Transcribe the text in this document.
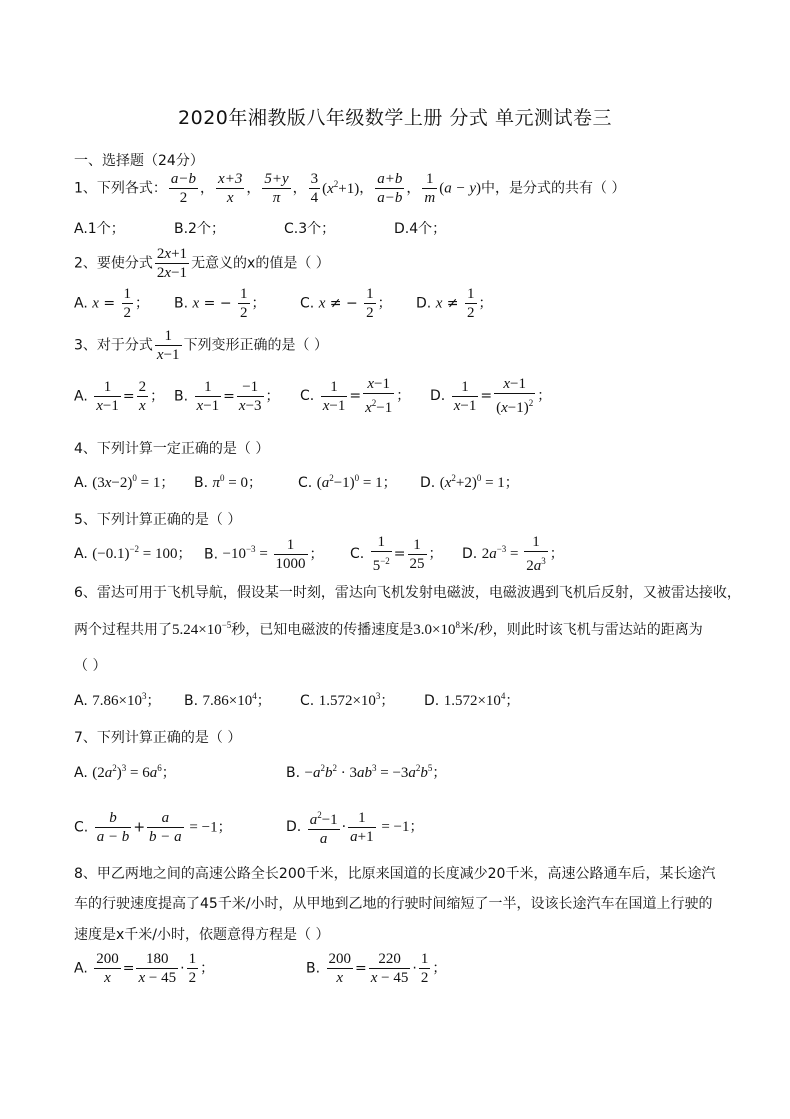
2020年湘教版八年级数学上册 分式 单元测试卷三
一、选择题（24分）
1、下列各式： $\frac{a-b}{2}$ ， $\frac{x+3}{x}$ ， $\frac{5+y}{\pi}$ ， $\frac{3}{4} (x^2+1)$， $\frac{a+b}{a-b}$ ， $\frac{1}{m} (a - y)$中，是分式的共有（ ）
A.1个；	B.2个；	C.3个；	D.4个；
2、要使分式 $\frac{2x+1}{2x-1}$ 无意义的x的值是（ ）
A. $x = \frac{1}{2}$ ； B. x = − $\frac{1}{2}$ ； C. x ≠ − $\frac{1}{2}$ ； D. $x \ne \frac{1}{2}$ ；
3、对于分式 $\frac{1}{x-1}$ 下列变形正确的是（ ）
A. $\frac{1}{x-1} = \frac{2}{x}$ ； B. $\frac{1}{x-1} = \frac{-1}{x-3}$ ； C. $\frac{1}{x-1} = \frac{x-1}{x^2-1}$ ； D. $\frac{1}{x-1} = \frac{x-1}{(x-1)^2}$ ；
4、下列计算一定正确的是（ ）
A. $(3x-2)^0 = 1$； B. $\pi^0 = 0$；	C. $(a^2-1)^0 = 1$； D. $(x^2+2)^0 = 1$；
5、下列计算正确的是（ ）
A. $(-0.1)^{-2} = 100$； B. $-10^{-3} = \frac{1}{1000}$ ； C. $\frac{1}{5^{-2}} = \frac{1}{25}$ ； D. $2a^{-3} = \frac{1}{2a^3}$ ；
6、雷达可用于飞机导航，假设某一时刻，雷达向飞机发射电磁波，电磁波遇到飞机后反射，又被雷达接收，
两个过程共用了$5.24\times 10^{-5}$秒，已知电磁波的传播速度是$3.0\times 10^8$米/秒，则此时该飞机与雷达站的距离为
（ ）
A. $7.86\times 10^3$； B. $7.86\times 10^4$； C. $1.572\times 10^3$； D. $1.572\times 10^4$；
7、下列计算正确的是（ ）
A. $(2a^2)^3 = 6a^6$；	B. $-a^2b^2 \cdot 3ab^3 = -3a^2b^5$；
C. $\frac{b}{a - b} + \frac{a}{b - a} = -1$；	D. $\frac{a^2-1}{a} \cdot \frac{1}{a+1} = -1$；
8、甲乙两地之间的高速公路全长200千米，比原来国道的长度减少20千米，高速公路通车后，某长途汽
车的行驶速度提高了45千米/小时，从甲地到乙地的行驶时间缩短了一半，设该长途汽车在国道上行驶的
速度是x千米/小时，依题意得方程是（ ）
A. $\frac{200}{x} = \frac{180}{x - 45} \cdot \frac{1}{2}$ ；	B. $\frac{200}{x} = \frac{220}{x - 45} \cdot \frac{1}{2}$ ；
